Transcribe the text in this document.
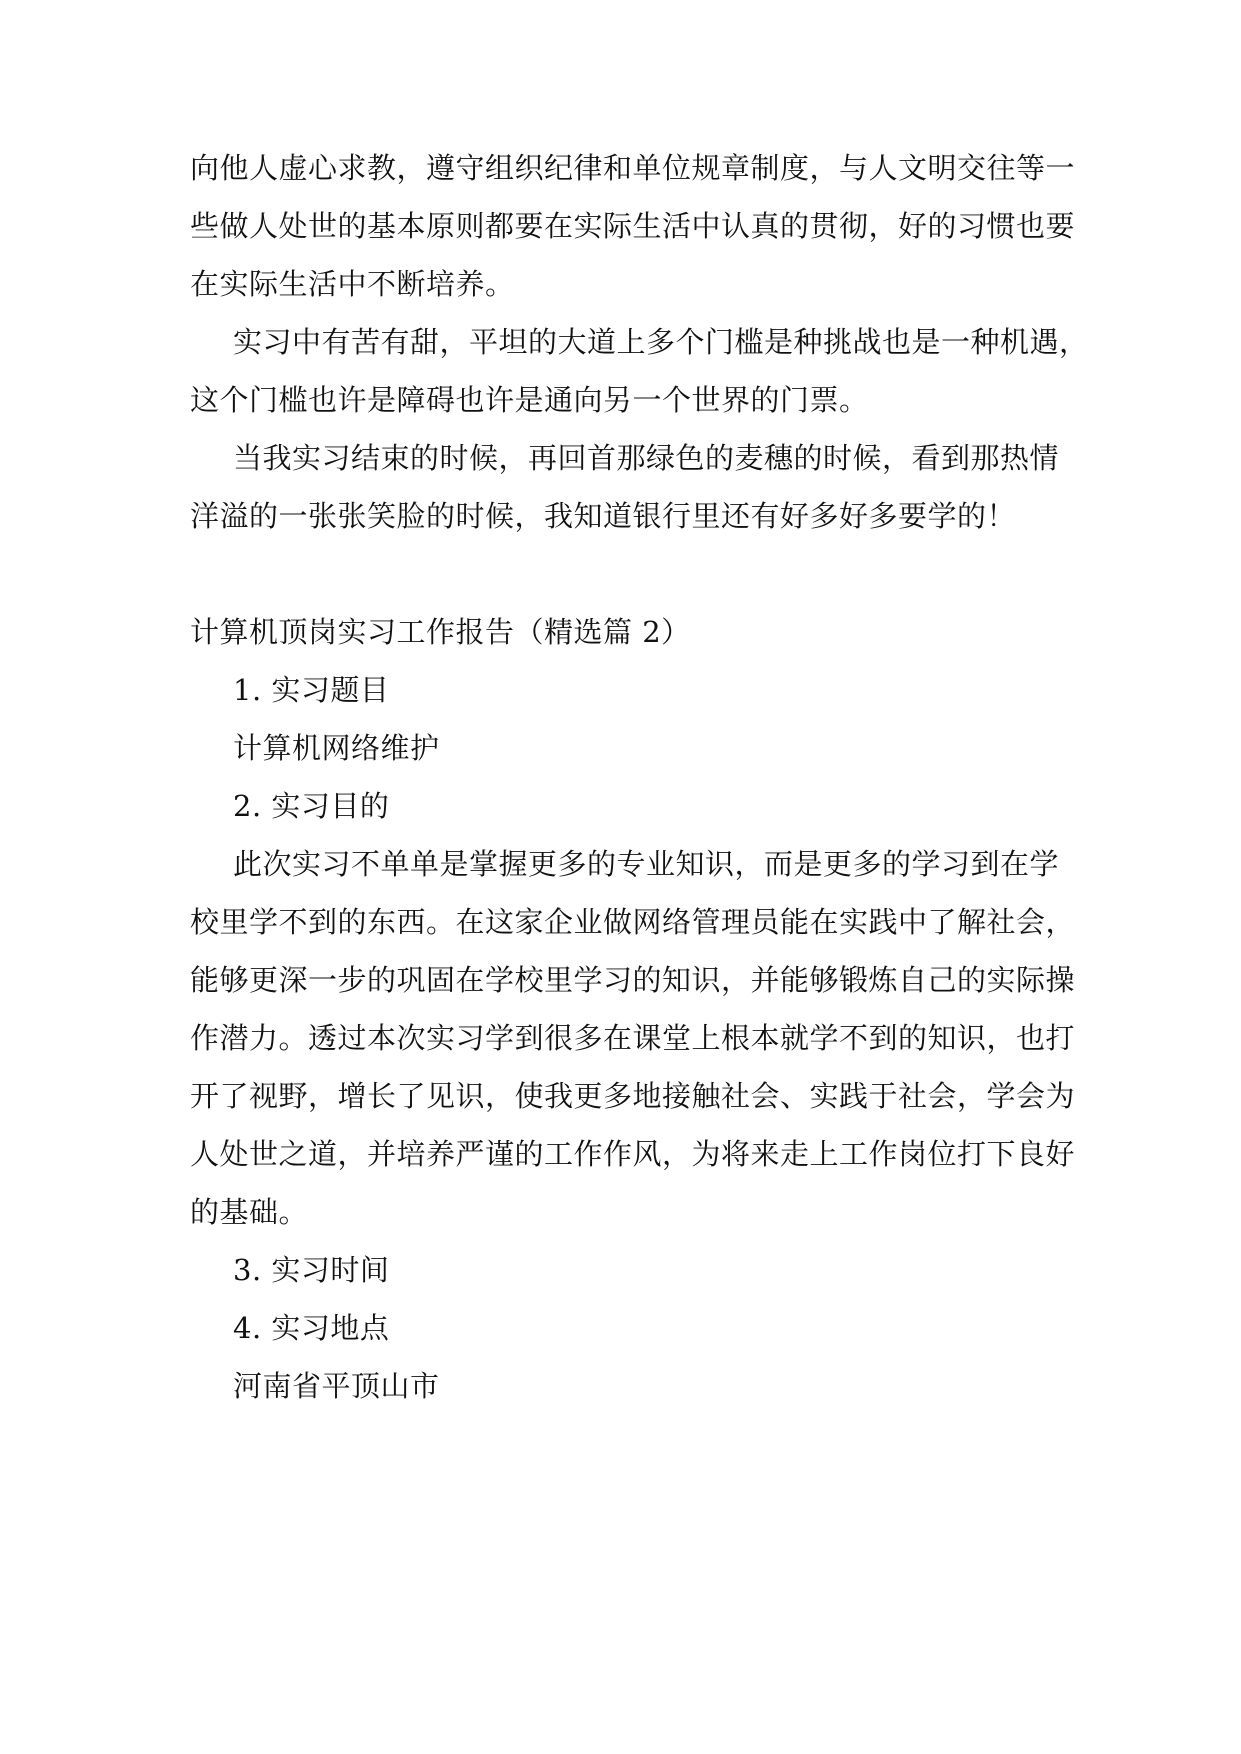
向他人虚心求教，遵守组织纪律和单位规章制度，与人文明交往等一
些做人处世的基本原则都要在实际生活中认真的贯彻，好的习惯也要
在实际生活中不断培养。
实习中有苦有甜，平坦的大道上多个门槛是种挑战也是一种机遇，
这个门槛也许是障碍也许是通向另一个世界的门票。
当我实习结束的时候，再回首那绿色的麦穗的时候，看到那热情
洋溢的一张张笑脸的时候，我知道银行里还有好多好多要学的！
计算机顶岗实习工作报告（精选篇 2）
1. 实习题目
计算机网络维护
2. 实习目的
此次实习不单单是掌握更多的专业知识，而是更多的学习到在学
校里学不到的东西。在这家企业做网络管理员能在实践中了解社会，
能够更深一步的巩固在学校里学习的知识，并能够锻炼自己的实际操
作潜力。透过本次实习学到很多在课堂上根本就学不到的知识，也打
开了视野，增长了见识，使我更多地接触社会、实践于社会，学会为
人处世之道，并培养严谨的工作作风，为将来走上工作岗位打下良好
的基础。
3. 实习时间
4. 实习地点
河南省平顶山市
